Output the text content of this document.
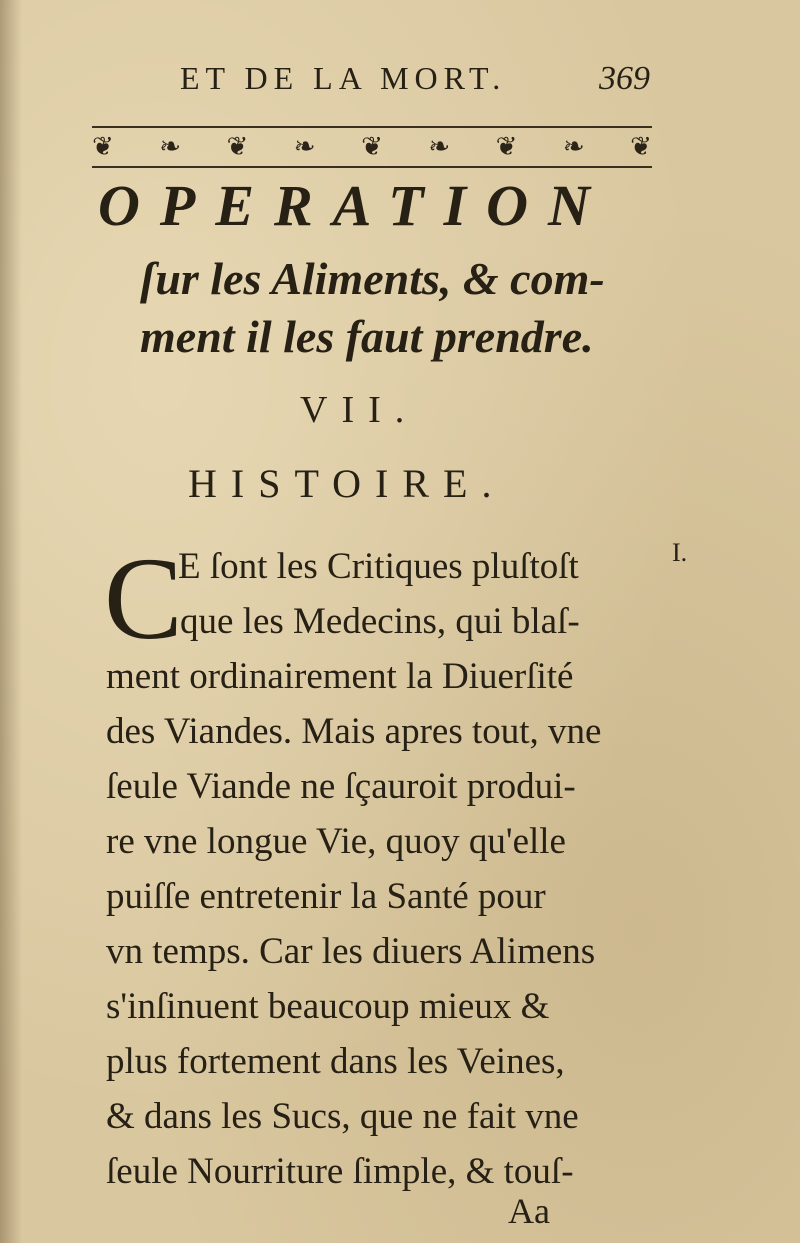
ET DE LA MORT.	369
❦ ❧ ❦ ❧ ❦ ❧ ❦ ❧ ❦
OPERATION
ſur les Aliments, & com-
ment il les faut prendre.
VII.
HISTOIRE.
I.
C
E ſont les Critiques pluſtoſt
que les Medecins, qui blaſ-
ment ordinairement la Diuerſité
des Viandes. Mais apres tout, vne
ſeule Viande ne ſçauroit produi-
re vne longue Vie, quoy qu'elle
puiſſe entretenir la Santé pour
vn temps. Car les diuers Alimens
s'inſinuent beaucoup mieux &
plus fortement dans les Veines,
& dans les Sucs, que ne fait vne
ſeule Nourriture ſimple, & touſ-
Aa
